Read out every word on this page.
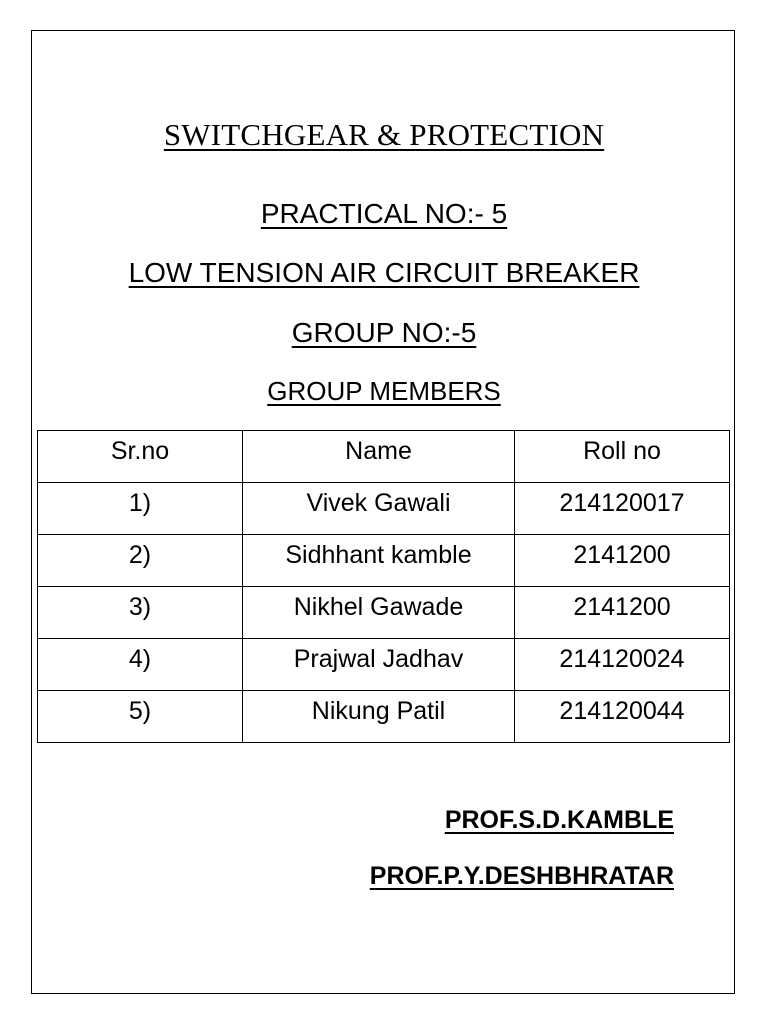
SWITCHGEAR & PROTECTION
PRACTICAL NO:- 5
LOW TENSION AIR CIRCUIT BREAKER
GROUP NO:-5
GROUP MEMBERS
Sr.no	Name	Roll no
1)	Vivek Gawali	214120017
2)	Sidhhant kamble	2141200
3)	Nikhel Gawade	2141200
4)	Prajwal Jadhav	214120024
5)	Nikung Patil	214120044
PROF.S.D.KAMBLE
PROF.P.Y.DESHBHRATAR
